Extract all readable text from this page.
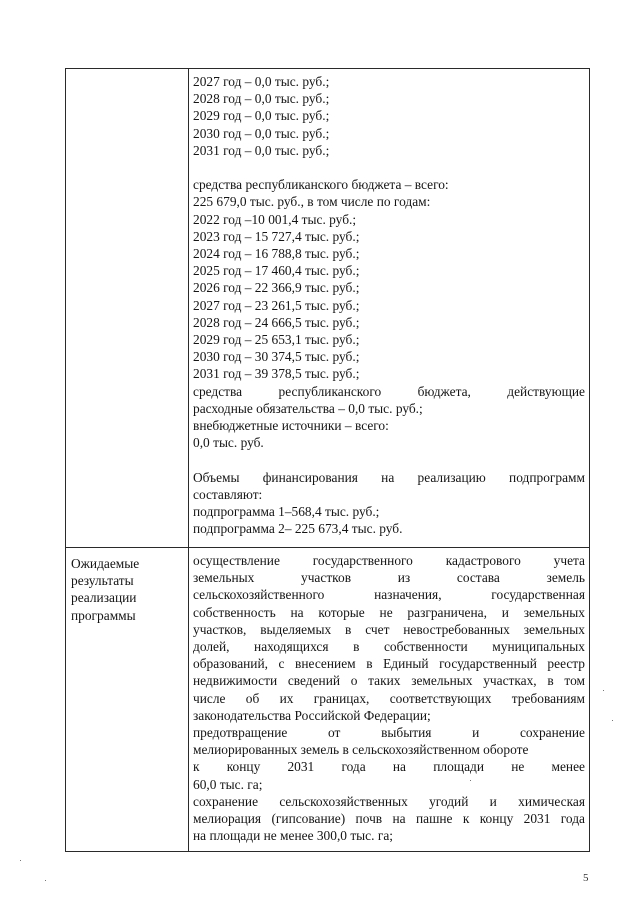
2027 год – 0,0 тыс. руб.;
2028 год – 0,0 тыс. руб.;
2029 год – 0,0 тыс. руб.;
2030 год – 0,0 тыс. руб.;
2031 год – 0,0 тыс. руб.;
средства республиканского бюджета – всего:
225 679,0 тыс. руб., в том числе по годам:
2022 год –10 001,4 тыс. руб.;
2023 год – 15 727,4 тыс. руб.;
2024 год – 16 788,8 тыс. руб.;
2025 год – 17 460,4 тыс. руб.;
2026 год – 22 366,9 тыс. руб.;
2027 год – 23 261,5 тыс. руб.;
2028 год – 24 666,5 тыс. руб.;
2029 год – 25 653,1 тыс. руб.;
2030 год – 30 374,5 тыс. руб.;
2031 год – 39 378,5 тыс. руб.;
средства республиканского бюджета, действующие
расходные обязательства – 0,0 тыс. руб.;
внебюджетные источники – всего:
0,0 тыс. руб.
Объемы финансирования на реализацию подпрограмм
составляют:
подпрограмма 1–568,4 тыс. руб.;
подпрограмма 2– 225 673,4 тыс. руб.
Ожидаемые
результаты
реализации
программы
осуществление государственного кадастрового учета
земельных участков из состава земель
сельскохозяйственного назначения, государственная
собственность на которые не разграничена, и земельных
участков, выделяемых в счет невостребованных земельных
долей, находящихся в собственности муниципальных
образований, с внесением в Единый государственный реестр
недвижимости сведений о таких земельных участках, в том
числе об их границах, соответствующих требованиям
законодательства Российской Федерации;
предотвращение от выбытия и сохранение
мелиорированных земель в сельскохозяйственном обороте
к концу 2031 года на площади не менее
60,0 тыс. га;
сохранение сельскохозяйственных угодий и химическая
мелиорация (гипсование) почв на пашне к концу 2031 года
на площади не менее 300,0 тыс. га;
5
